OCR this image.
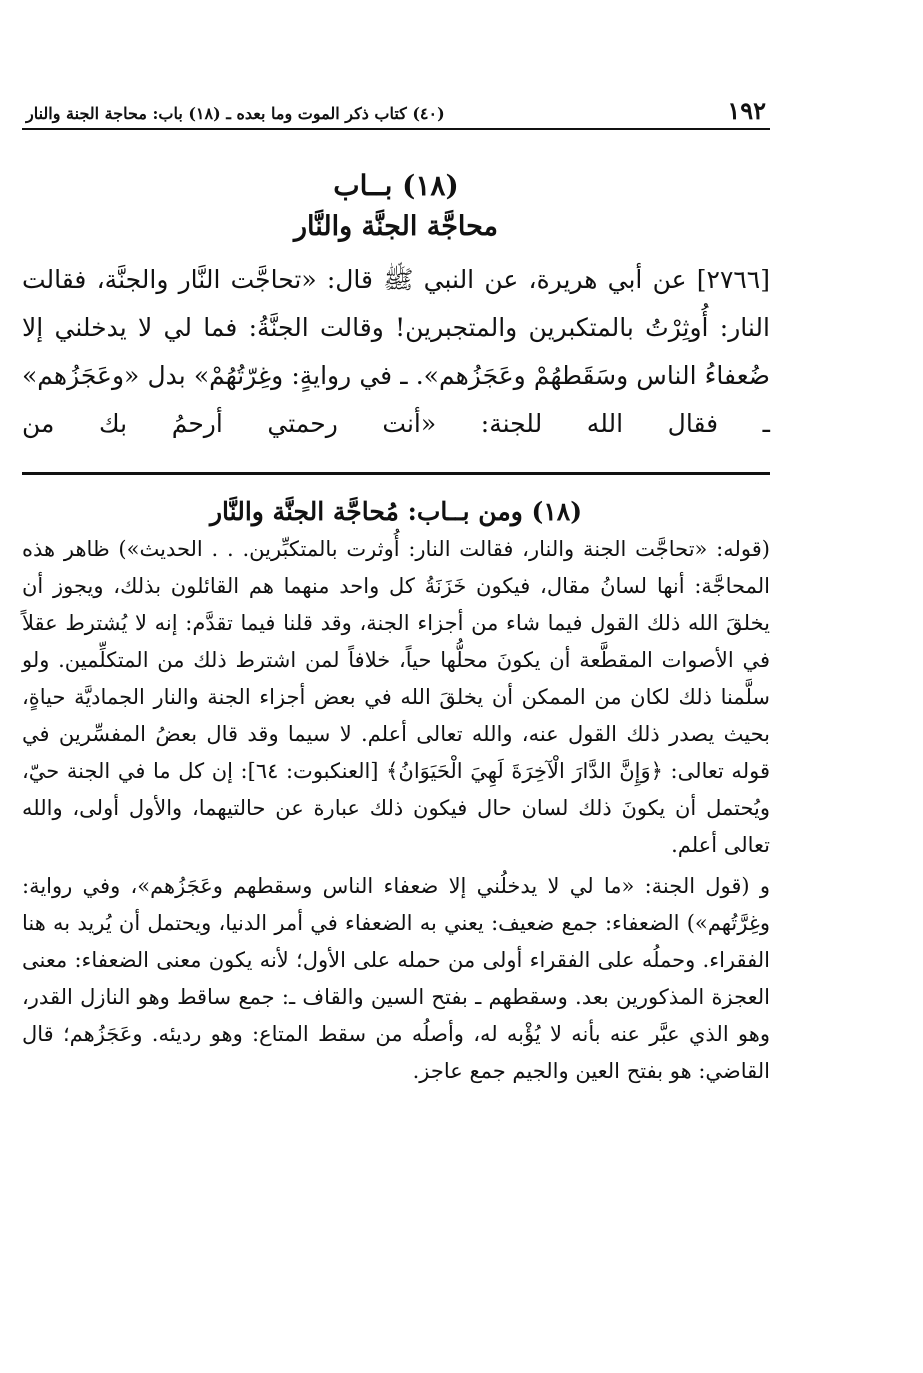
١٩٢
(٤٠) كتاب ذكر الموت وما بعده ـ (١٨) باب: محاجة الجنة والنار
(١٨) بــاب
محاجَّة الجنَّة والنَّار
[٢٧٦٦] عن أبي هريرة، عن النبي ﷺ قال: «تحاجَّت النَّار والجنَّة، فقالت النار: أُوثِرْتُ بالمتكبرين والمتجبرين! وقالت الجنَّةُ: فما لي لا يدخلني إلا ضُعفاءُ الناس وسَقَطهُمْ وعَجَزُهم». ـ في روايةٍ: وغِرّتُهُمْ» بدل «وعَجَزُهم» ـ فقال الله للجنة: «أنت رحمتي أرحمُ بك من
(١٨) ومن بــاب: مُحاجَّة الجنَّة والنَّار

(قوله: «تحاجَّت الجنة والنار، فقالت النار: أُوثرت بالمتكبِّرين. . . الحديث») ظاهر هذه المحاجَّة: أنها لسانُ مقال، فيكون خَزَنَةُ كل واحد منهما هم القائلون بذلك، ويجوز أن يخلقَ الله ذلك القول فيما شاء من أجزاء الجنة، وقد قلنا فيما تقدَّم: إنه لا يُشترط عقلاً في الأصوات المقطَّعة أن يكونَ محلُّها حياً، خلافاً لمن اشترط ذلك من المتكلِّمين. ولو سلَّمنا ذلك لكان من الممكن أن يخلقَ الله في بعض أجزاء الجنة والنار الجماديَّة حياةٍ، بحيث يصدر ذلك القول عنه، والله تعالى أعلم. لا سيما وقد قال بعضُ المفسِّرين في قوله تعالى: ﴿وَإِنَّ الدَّارَ الْآخِرَةَ لَهِيَ الْحَيَوَانُ﴾ [العنكبوت: ٦٤]: إن كل ما في الجنة حيّ، ويُحتمل أن يكونَ ذلك لسان حال فيكون ذلك عبارة عن حالتيهما، والأول أولى، والله تعالى أعلم.

و (قول الجنة: «ما لي لا يدخلُني إلا ضعفاء الناس وسقطهم وعَجَزُهم»، وفي رواية: وغِرَّتُهم») الضعفاء: جمع ضعيف: يعني به الضعفاء في أمر الدنيا، ويحتمل أن يُريد به هنا الفقراء. وحملُه على الفقراء أولى من حمله على الأول؛ لأنه يكون معنى الضعفاء: معنى العجزة المذكورين بعد. وسقطهم ـ بفتح السين والقاف ـ: جمع ساقط وهو النازل القدر، وهو الذي عبَّر عنه بأنه لا يُؤْبه له، وأصلُه من سقط المتاع: وهو رديئه. وعَجَزُهم؛ قال القاضي: هو بفتح العين والجيم جمع عاجز.
